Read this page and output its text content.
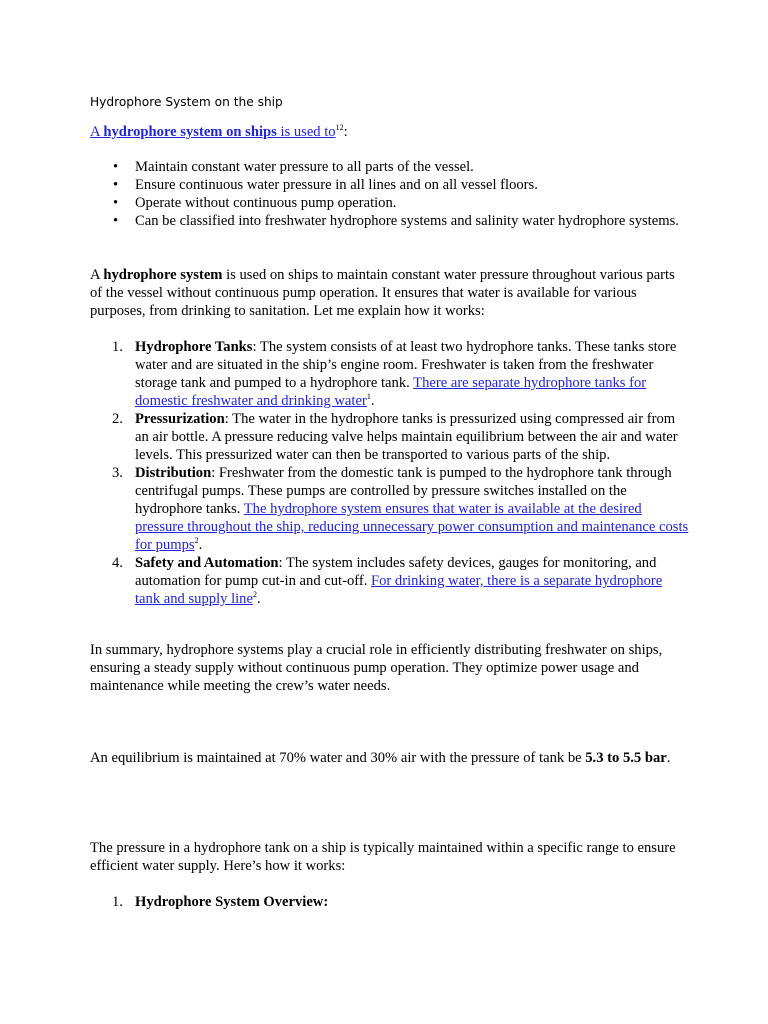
Hydrophore System on the ship

A hydrophore system on ships is used $to^{12}$:

• Maintain constant water pressure to all parts of the vessel.
• Ensure continuous water pressure in all lines and on all vessel floors.
• Operate without continuous pump operation.
• Can be classified into freshwater hydrophore systems and salinity water hydrophore systems.

A hydrophore system is used on ships to maintain constant water pressure throughout various parts of the vessel without continuous pump operation. It ensures that water is available for various purposes, from drinking to sanitation. Let me explain how it works:

1. Hydrophore Tanks: The system consists of at least two hydrophore tanks. These tanks store water and are situated in the ship’s engine room. Freshwater is taken from the freshwater storage tank and pumped to a hydrophore tank. There are separate hydrophore tanks for domestic freshwater and drinking water$^1$.
2. Pressurization: The water in the hydrophore tanks is pressurized using compressed air from an air bottle. A pressure reducing valve helps maintain equilibrium between the air and water levels. This pressurized water can then be transported to various parts of the ship.
3. Distribution: Freshwater from the domestic tank is pumped to the hydrophore tank through centrifugal pumps. These pumps are controlled by pressure switches installed on the hydrophore tanks. The hydrophore system ensures that water is available at the desired pressure throughout the ship, reducing unnecessary power consumption and maintenance costs for pumps$^2$.
4. Safety and Automation: The system includes safety devices, gauges for monitoring, and automation for pump cut-in and cut-off. For drinking water, there is a separate hydrophore tank and supply line$^2$.

In summary, hydrophore systems play a crucial role in efficiently distributing freshwater on ships, ensuring a steady supply without continuous pump operation. They optimize power usage and maintenance while meeting the crew’s water needs.

An equilibrium is maintained at 70% water and 30% air with the pressure of tank be 5.3 to 5.5 bar.

The pressure in a hydrophore tank on a ship is typically maintained within a specific range to ensure efficient water supply. Here’s how it works:

1. Hydrophore System Overview:
